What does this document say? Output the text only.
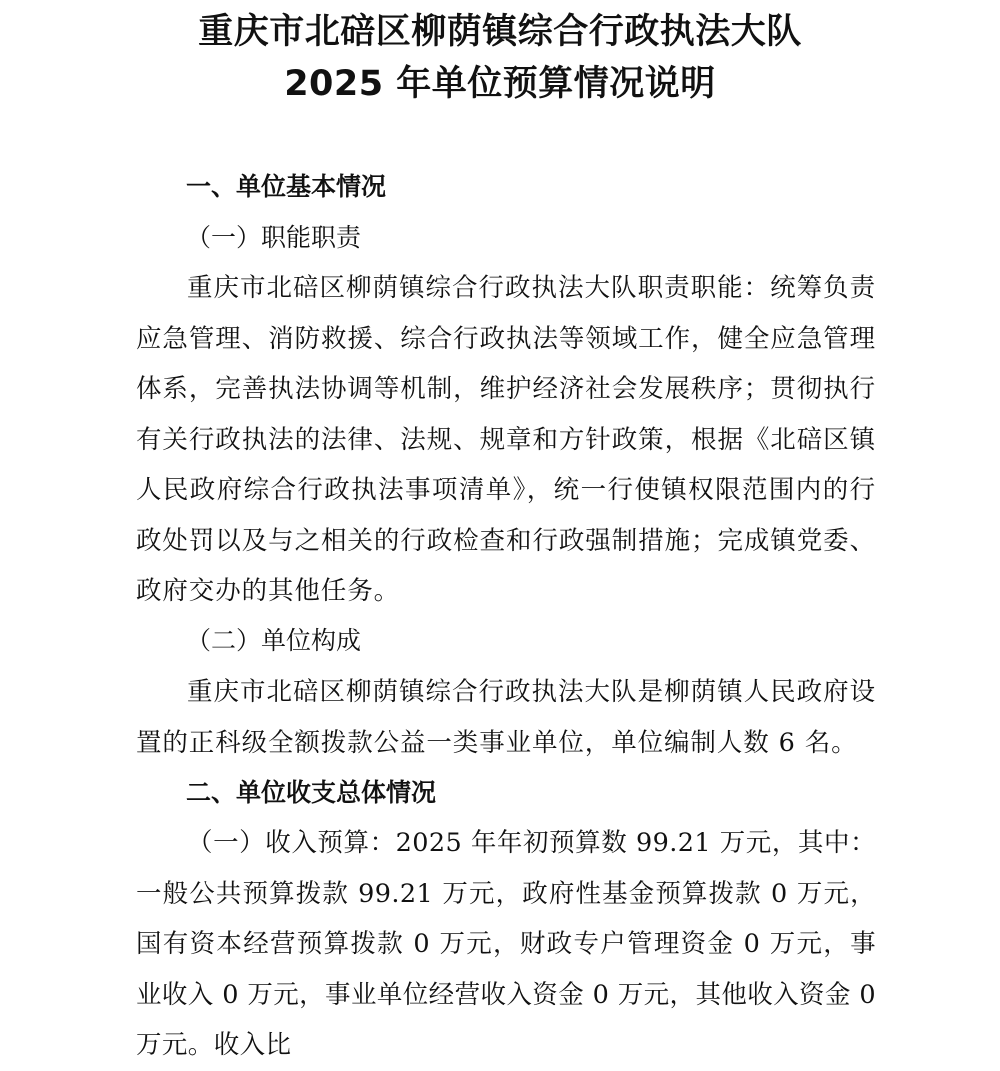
重庆市北碚区柳荫镇综合行政执法大队
2025 年单位预算情况说明
一、单位基本情况
（一）职能职责

重庆市北碚区柳荫镇综合行政执法大队职责职能：统筹负责应急管理、消防救援、综合行政执法等领域工作，健全应急管理体系，完善执法协调等机制，维护经济社会发展秩序；贯彻执行有关行政执法的法律、法规、规章和方针政策，根据《北碚区镇人民政府综合行政执法事项清单》，统一行使镇权限范围内的行政处罚以及与之相关的行政检查和行政强制措施；完成镇党委、政府交办的其他任务。

（二）单位构成

重庆市北碚区柳荫镇综合行政执法大队是柳荫镇人民政府设置的正科级全额拨款公益一类事业单位，单位编制人数 6 名。

二、单位收支总体情况

（一）收入预算：2025 年年初预算数 99.21 万元，其中：一般公共预算拨款 99.21 万元，政府性基金预算拨款 0 万元，国有资本经营预算拨款 0 万元，财政专户管理资金 0 万元，事业收入 0 万元，事业单位经营收入资金 0 万元，其他收入资金 0 万元。收入比
